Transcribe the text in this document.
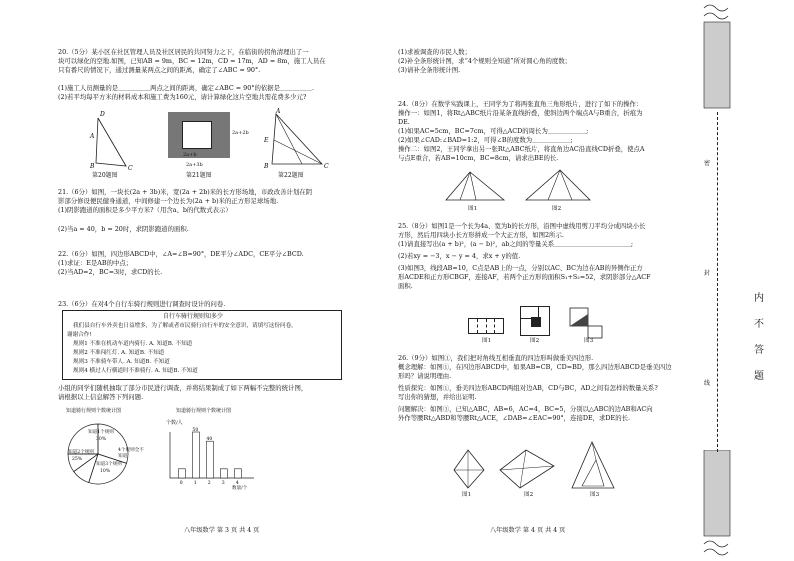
20.（5分）某小区在社区管理人员及社区居民的共同努力之下，在临街的拐角清理出了一
块可以绿化的空地.如图，已知AB = 9m，BC = 12m，CD = 17m，AD = 8m，施工人员在
只有番尺的情况下，通过测量某两点之间的距离，确定了∠ABC = 90°.
(1)施工人员测量的是＿＿＿＿＿两点之间的距离，确定∠ABC = 90°的依据是＿＿＿＿＿.
(2)若平均每平方米的材料成本和施工费为160元，请计算绿化这片空地共需花费多少元?
A
B	C
D
第20题图
2a+2b
2a+b
2a+3b
第21题图
A
E
B	C
第22题图
21.（6分）如图，一块长(2a + 3b)米，宽(2a + 2b)米的长方形场地，市政改善计划在阴
影部分修设便民健身通道，中间修建一个边长为(2a + b)米的正方形足球场地.
(1)阴影跑道的面积是多少平方米?（用含a、b的代数式表示）
(2)当a = 40，b = 20时，求阴影跑道的面积.
22.（6分）如图，四边形ABCD中，∠A=∠B=90°，DE平分∠ADC，CE平分∠BCD.
(1)求证：E是AB的中点；
(2)当AD=2，BC=3时，求CD的长.
23.（6分）在对4个自行车骑行规则进行调查时设计的问卷.
自行车骑行规则知多少
我们县自行车外卖也日益增多，为了解或者市民骑行自行车的安全意识，请填写这份问卷，
谢谢合作!
规则1 不准在机动车道内骑行. A. 知道B. 不知道
规则2 不准闯红灯. A. 知道B. 不知道
规则3 不准骑车带人. A. 知道B. 不知道
规则4 横过人行横道时不准骑行. A. 知道B. 不知道
小组的同学们随机抽取了部分市民进行调查，并将结果制成了如下两幅不完整的统计图，
请根据以上信息解答下列问题.
知道骑行规则个数统计图
知道1个规则
30%
知道2个规则
25%
知道3个规则
10%
4个规则全不知道
知道骑行规则个数统计图
个数/人
0 1 2 3 4
50
40
数量/个
八年级数学 第 3 页 共 4 页
(1)求被调查的市民人数；
(2)补全条形统计图，求“4个规则全知道”所对圆心角的度数；
(3)请补全条形统计图.
24.（8分）在数学实践课上，王同学为了将两张直角三角形纸片，进行了如下的操作：
操作一：如图1，将Rt△ABC纸片沿某条直线折叠，使斜边两个端点A与B重合，折痕为
DE.
(1)如果AC=5cm，BC=7cm，可得△ACD的周长为＿＿＿＿＿＿;
(2)如果∠CAD:∠BAD=1:2，可得∠B的度数为＿＿＿＿＿＿;
操作二：如图2，王同学拿出另一张Rt△ABC纸片，将直角边AC沿直线CD折叠，使点A
与点E重合，若AB=10cm，BC=8cm，请求出BE的长.
图1	图2
25.（8分）如图1是一个长为4a、宽为b的长方形，沿图中虚线用剪刀平均分成四块小长
方形，然后用四块小长方形拼成一个大正方形，如图2所示.
(1)请直接写出(a + b)²，(a − b)²，ab之间的等量关系＿＿＿＿＿＿＿＿＿＿＿＿;
(2)若xy = −3，x − y = 4，求x + y的值.
(3)如图3，线段AB=10，C点是AB上的一点，分别以AC、BC为边在AB的异侧作正方
形ACDE和正方形CBGF，连接AF，若两个正方形的面积S₁+S₂=52，求阴影部分△ACF
面积.
图1	图2	图3
26.（9分）如图①，我们把对角线互相垂直的四边形叫做垂美四边形.
概念理解：如图①，在四边形ABCD中，如果AB=CB，CD=BD，那么四边形ABCD是垂美四边
形吗？请说明理由.
性质探究：如图①，垂美四边形ABCD两组对边AB，CD与BC，AD之间有怎样的数量关系?
写出你的猜想，并给出证明.
问题解决：如图③，已知△ABC，AB=6，AC=4，BC=5，分别以△ABC的边AB和AC向
外作等腰Rt△ABD和等腰Rt△ACE，∠DAB=∠EAC=90°，连接DE，求DE的长.
图1	图2	图3
八年级数学 第 4 页 共 4 页
密
封
线
内
不
答
题
